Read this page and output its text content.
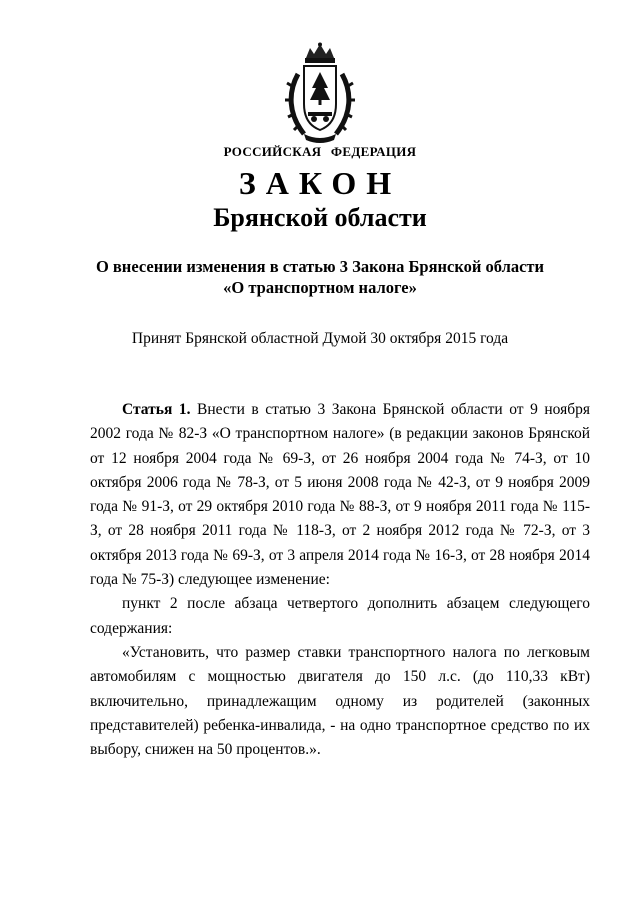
РОССИЙСКАЯ ФЕДЕРАЦИЯ
ЗАКОН
Брянской области
О внесении изменения в статью 3 Закона Брянской области
«О транспортном налоге»
Принят Брянской областной Думой 30 октября 2015 года

Статья 1. Внести в статью 3 Закона Брянской области от 9 ноября 2002 года № 82-З «О транспортном налоге» (в редакции законов Брянской от 12 ноября 2004 года № 69-З, от 26 ноября 2004 года № 74-З, от 10 октября 2006 года № 78-З, от 5 июня 2008 года № 42-З, от 9 ноября 2009 года № 91-З, от 29 октября 2010 года № 88-З, от 9 ноября 2011 года № 115-З, от 28 ноября 2011 года № 118-З, от 2 ноября 2012 года № 72-З, от 3 октября 2013 года № 69-З, от 3 апреля 2014 года № 16-З, от 28 ноября 2014 года № 75-З) следующее изменение:

пункт 2 после абзаца четвертого дополнить абзацем следующего содержания:

«Установить, что размер ставки транспортного налога по легковым автомобилям с мощностью двигателя до 150 л.с. (до 110,33 кВт) включительно, принадлежащим одному из родителей (законных представителей) ребенка-инвалида, - на одно транспортное средство по их выбору, снижен на 50 процентов.».
